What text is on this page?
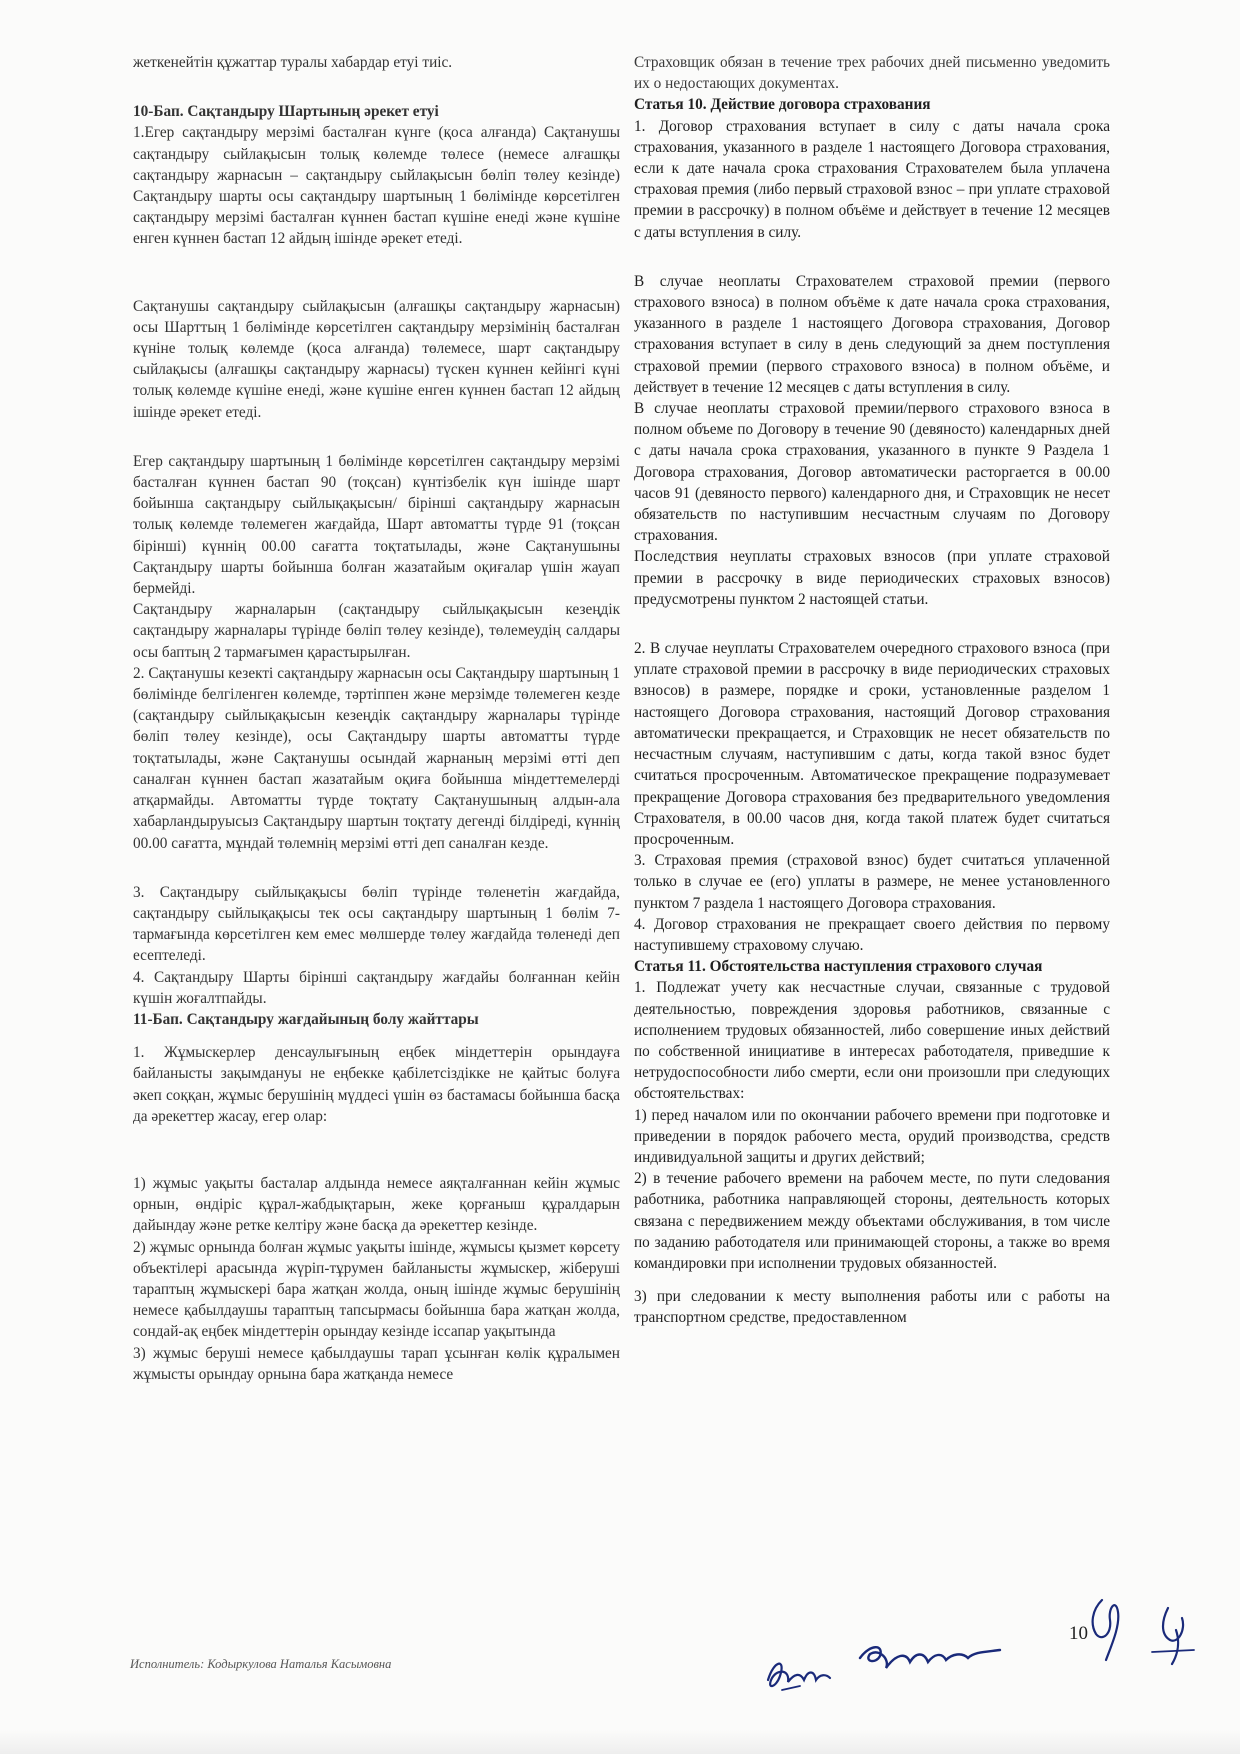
жеткенейтін құжаттар туралы хабардар етуі тиіс.

10-Бап. Сақтандыру Шартының әрекет етуі

1.Егер сақтандыру мерзімі басталған күнге (қоса алғанда) Сақтанушы сақтандыру сыйлақысын толық көлемде төлесе (немесе алғашқы сақтандыру жарнасын – сақтандыру сыйлақысын бөліп төлеу кезінде) Сақтандыру шарты осы сақтандыру шартының 1 бөлімінде көрсетілген сақтандыру мерзімі басталған күннен бастап күшіне енеді және күшіне енген күннен бастап 12 айдың ішінде әрекет етеді.

Сақтанушы сақтандыру сыйлақысын (алғашқы сақтандыру жарнасын) осы Шарттың 1 бөлімінде көрсетілген сақтандыру мерзімінің басталған күніне толық көлемде (қоса алғанда) төлемесе, шарт сақтандыру сыйлақысы (алғашқы сақтандыру жарнасы) түскен күннен кейінгі күні толық көлемде күшіне енеді, және күшіне енген күннен бастап 12 айдың ішінде әрекет етеді.

Егер сақтандыру шартының 1 бөлімінде көрсетілген сақтандыру мерзімі басталған күннен бастап 90 (тоқсан) күнтізбелік күн ішінде шарт бойынша сақтандыру сыйлықақысын/ бірінші сақтандыру жарнасын толық көлемде төлемеген жағдайда, Шарт автоматты түрде 91 (тоқсан бірінші) күннің 00.00 сағатта тоқтатылады, және Сақтанушыны Сақтандыру шарты бойынша болған жазатайым оқиғалар үшін жауап бермейді.

Сақтандыру жарналарын (сақтандыру сыйлықақысын кезеңдік сақтандыру жарналары түрінде бөліп төлеу кезінде), төлемеудің салдары осы баптың 2 тармағымен қарастырылған.

2. Сақтанушы кезекті сақтандыру жарнасын осы Сақтандыру шартының 1 бөлімінде белгіленген көлемде, тәртіппен және мерзімде төлемеген кезде (сақтандыру сыйлықақысын кезеңдік сақтандыру жарналары түрінде бөліп төлеу кезінде), осы Сақтандыру шарты автоматты түрде тоқтатылады, және Сақтанушы осындай жарнаның мерзімі өтті деп саналған күннен бастап жазатайым оқиға бойынша міндеттемелерді атқармайды. Автоматты түрде тоқтату Сақтанушының алдын-ала хабарландыруысыз Сақтандыру шартын тоқтату дегенді білдіреді, күннің 00.00 сағатта, мұндай төлемнің мерзімі өтті деп саналған кезде.

3. Сақтандыру сыйлықақысы бөліп түрінде төленетін жағдайда, сақтандыру сыйлықақысы тек осы сақтандыру шартының 1 бөлім 7-тармағында көрсетілген кем емес мөлшерде төлеу жағдайда төленеді деп есептеледі.

4. Сақтандыру Шарты бірінші сақтандыру жағдайы болғаннан кейін күшін жоғалтпайды.

11-Бап. Сақтандыру жағдайының болу жайттары

1. Жұмыскерлер денсаулығының еңбек міндеттерін орындауға байланысты зақымдануы не еңбекке қабілетсіздікке не қайтыс болуға әкеп соққан, жұмыс берушінің мүддесі үшін өз бастамасы бойынша басқа да әрекеттер жасау, егер олар:

1) жұмыс уақыты басталар алдында немесе аяқталғаннан кейін жұмыс орнын, өндіріс құрал-жабдықтарын, жеке қорғаныш құралдарын дайындау және ретке келтіру және басқа да әрекеттер кезінде.

2) жұмыс орнында болған жұмыс уақыты ішінде, жұмысы қызмет көрсету объектілері арасында жүріп-тұрумен байланысты жұмыскер, жіберуші тараптың жұмыскері бара жатқан жолда, оның ішінде жұмыс берушінің немесе қабылдаушы тараптың тапсырмасы бойынша бара жатқан жолда, сондай-ақ еңбек міндеттерін орындау кезінде іссапар уақытында

3) жұмыс беруші немесе қабылдаушы тарап ұсынған көлік құралымен жұмысты орындау орнына бара жатқанда немесе

Страховщик обязан в течение трех рабочих дней письменно уведомить их о недостающих документах.

Статья 10. Действие договора страхования

1. Договор страхования вступает в силу с даты начала срока страхования, указанного в разделе 1 настоящего Договора страхования, если к дате начала срока страхования Страхователем была уплачена страховая премия (либо первый страховой взнос – при уплате страховой премии в рассрочку) в полном объёме и действует в течение 12 месяцев с даты вступления в силу.

В случае неоплаты Страхователем страховой премии (первого страхового взноса) в полном объёме к дате начала срока страхования, указанного в разделе 1 настоящего Договора страхования, Договор страхования вступает в силу в день следующий за днем поступления страховой премии (первого страхового взноса) в полном объёме, и действует в течение 12 месяцев с даты вступления в силу.

В случае неоплаты страховой премии/первого страхового взноса в полном объеме по Договору в течение 90 (девяносто) календарных дней с даты начала срока страхования, указанного в пункте 9 Раздела 1 Договора страхования, Договор автоматически расторгается в 00.00 часов 91 (девяносто первого) календарного дня, и Страховщик не несет обязательств по наступившим несчастным случаям по Договору страхования.

Последствия неуплаты страховых взносов (при уплате страховой премии в рассрочку в виде периодических страховых взносов) предусмотрены пунктом 2 настоящей статьи.

2. В случае неуплаты Страхователем очередного страхового взноса (при уплате страховой премии в рассрочку в виде периодических страховых взносов) в размере, порядке и сроки, установленные разделом 1 настоящего Договора страхования, настоящий Договор страхования автоматически прекращается, и Страховщик не несет обязательств по несчастным случаям, наступившим с даты, когда такой взнос будет считаться просроченным. Автоматическое прекращение подразумевает прекращение Договора страхования без предварительного уведомления Страхователя, в 00.00 часов дня, когда такой платеж будет считаться просроченным.

3. Страховая премия (страховой взнос) будет считаться уплаченной только в случае ее (его) уплаты в размере, не менее установленного пунктом 7 раздела 1 настоящего Договора страхования.

4. Договор страхования не прекращает своего действия по первому наступившему страховому случаю.

Статья 11. Обстоятельства наступления страхового случая

1. Подлежат учету как несчастные случаи, связанные с трудовой деятельностью, повреждения здоровья работников, связанные с исполнением трудовых обязанностей, либо совершение иных действий по собственной инициативе в интересах работодателя, приведшие к нетрудоспособности либо смерти, если они произошли при следующих обстоятельствах:

1) перед началом или по окончании рабочего времени при подготовке и приведении в порядок рабочего места, орудий производства, средств индивидуальной защиты и других действий;

2) в течение рабочего времени на рабочем месте, по пути следования работника, работника направляющей стороны, деятельность которых связана с передвижением между объектами обслуживания, в том числе по заданию работодателя или принимающей стороны, а также во время командировки при исполнении трудовых обязанностей.

3) при следовании к месту выполнения работы или с работы на транспортном средстве, предоставленном

Исполнитель: Кодыркулова Наталья Касымовна
10
